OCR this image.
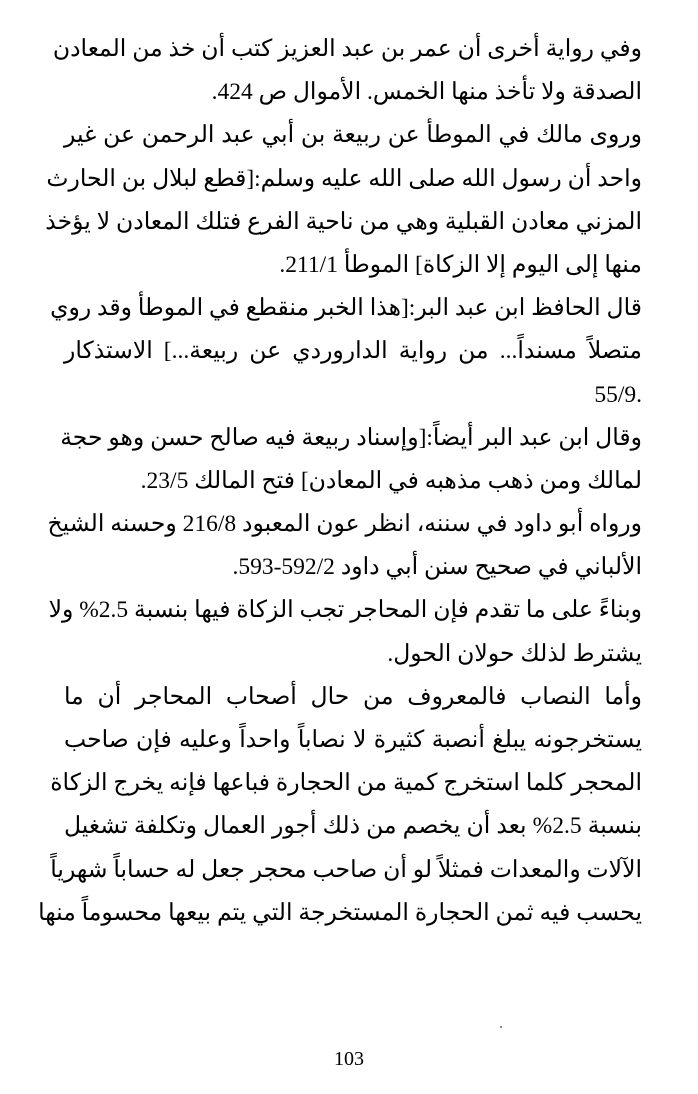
وفي رواية أخرى أن عمر بن عبد العزيز كتب أن خذ من المعادن
الصدقة ولا تأخذ منها الخمس. الأموال ص 424.
وروى مالك في الموطأ عن ربيعة بن أبي عبد الرحمن عن غير
واحد أن رسول الله صلى الله عليه وسلم:[قطع لبلال بن الحارث
المزني معادن القبلية وهي من ناحية الفرع فتلك المعادن لا يؤخذ
منها إلى اليوم إلا الزكاة] الموطأ 211/1.
قال الحافظ ابن عبد البر:[هذا الخبر منقطع في الموطأ وقد روي
متصلاً مسنداً... من رواية الداروردي عن ربيعة...] الاستذكار
.55/9
وقال ابن عبد البر أيضاً:[وإسناد ربيعة فيه صالح حسن وهو حجة
لمالك ومن ذهب مذهبه في المعادن] فتح المالك 23/5.
ورواه أبو داود في سننه، انظر عون المعبود 216/8 وحسنه الشيخ
الألباني في صحيح سنن أبي داود 592/2-593.
وبناءً على ما تقدم فإن المحاجر تجب الزكاة فيها بنسبة 2.5% ولا
يشترط لذلك حولان الحول.
وأما النصاب فالمعروف من حال أصحاب المحاجر أن ما
يستخرجونه يبلغ أنصبة كثيرة لا نصاباً واحداً وعليه فإن صاحب
المحجر كلما استخرج كمية من الحجارة فباعها فإنه يخرج الزكاة
بنسبة 2.5% بعد أن يخصم من ذلك أجور العمال وتكلفة تشغيل
الآلات والمعدات فمثلاً لو أن صاحب محجر جعل له حساباً شهرياً
يحسب فيه ثمن الحجارة المستخرجة التي يتم بيعها محسوماً منها
103
